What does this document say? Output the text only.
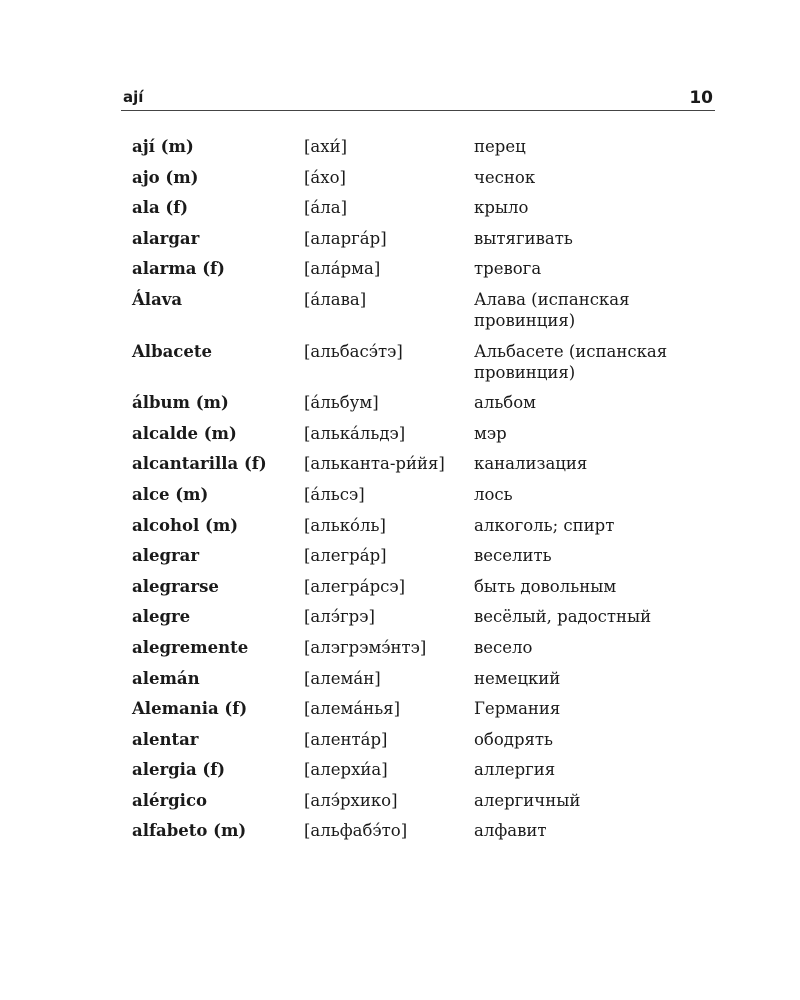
ají	10
ají (m)	[ахи́]	перец
ajo (m)	[а́хо]	чеснок
ala (f)	[а́ла]	крыло
alargar	[аларга́р]	вытягивать
alarma (f)	[ала́рма]	тревога
Álava	[а́лава]	Алава (испанская провинция)
Albacete	[альбасэ́тэ]	Альбасете (испанская провинция)
álbum (m)	[а́льбум]	альбом
alcalde (m)	[алька́льдэ]	мэр
alcantarilla (f)	[альканта-ри́йя]	канализация
alce (m)	[а́льсэ]	лось
alcohol (m)	[алько́ль]	алкоголь; спирт
alegrar	[алегра́р]	веселить
alegrarse	[алегра́рсэ]	быть довольным
alegre	[алэ́грэ]	весёлый, радостный
alegremente	[алэгрэмэ́нтэ]	весело
alemán	[алема́н]	немецкий
Alemania (f)	[алема́нья]	Германия
alentar	[алента́р]	ободрять
alergia (f)	[алерхи́а]	аллергия
alérgico	[алэ́рхико]	алергичный
alfabeto (m)	[альфабэ́то]	алфавит
